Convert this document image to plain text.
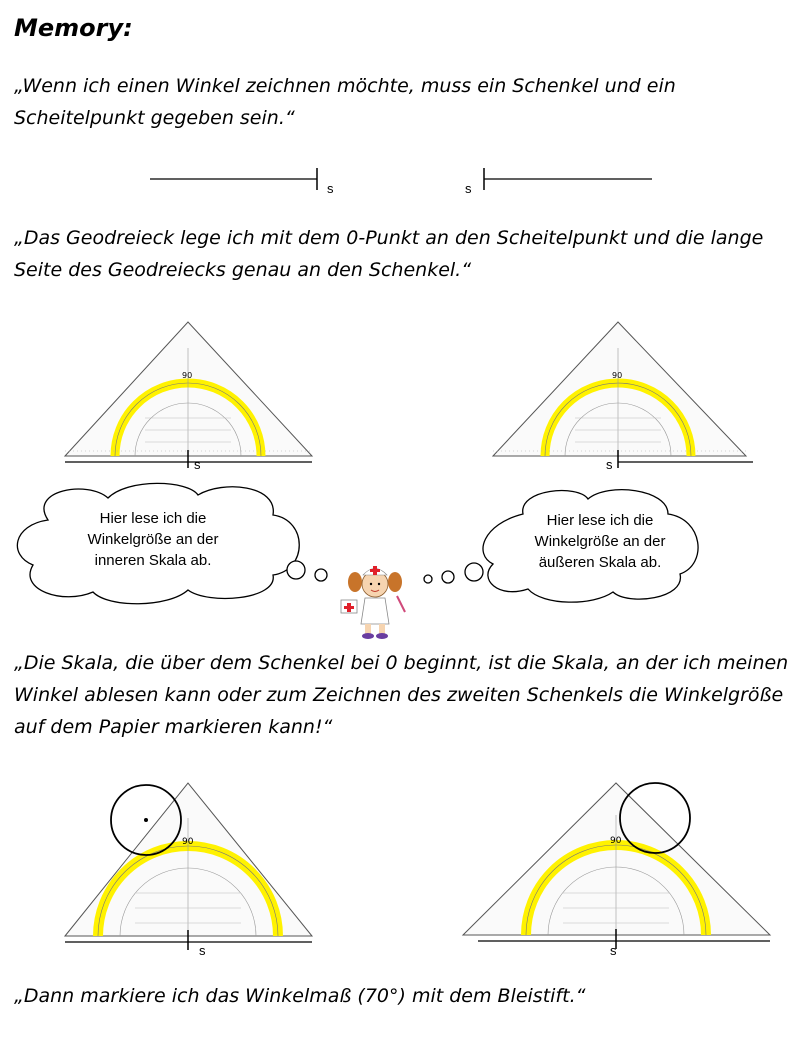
Memory:
„Wenn ich einen Winkel zeichnen möchte, muss ein Schenkel und ein
Scheitelpunkt gegeben sein.“
s	s
„Das Geodreieck lege ich mit dem 0-Punkt an den Scheitelpunkt und die lange
Seite des Geodreiecks genau an den Schenkel.“
90
s
90
s
Hier lese ich die
Winkelgröße an der
inneren Skala ab.
Hier lese ich die
Winkelgröße an der
äußeren Skala ab.
„Die Skala, die über dem Schenkel bei 0 beginnt, ist die Skala, an der ich meinen
Winkel ablesen kann oder zum Zeichnen des zweiten Schenkels die Winkelgröße
auf dem Papier markieren kann!“
90
s
90
s
„Dann markiere ich das Winkelmaß (70°) mit dem Bleistift.“
